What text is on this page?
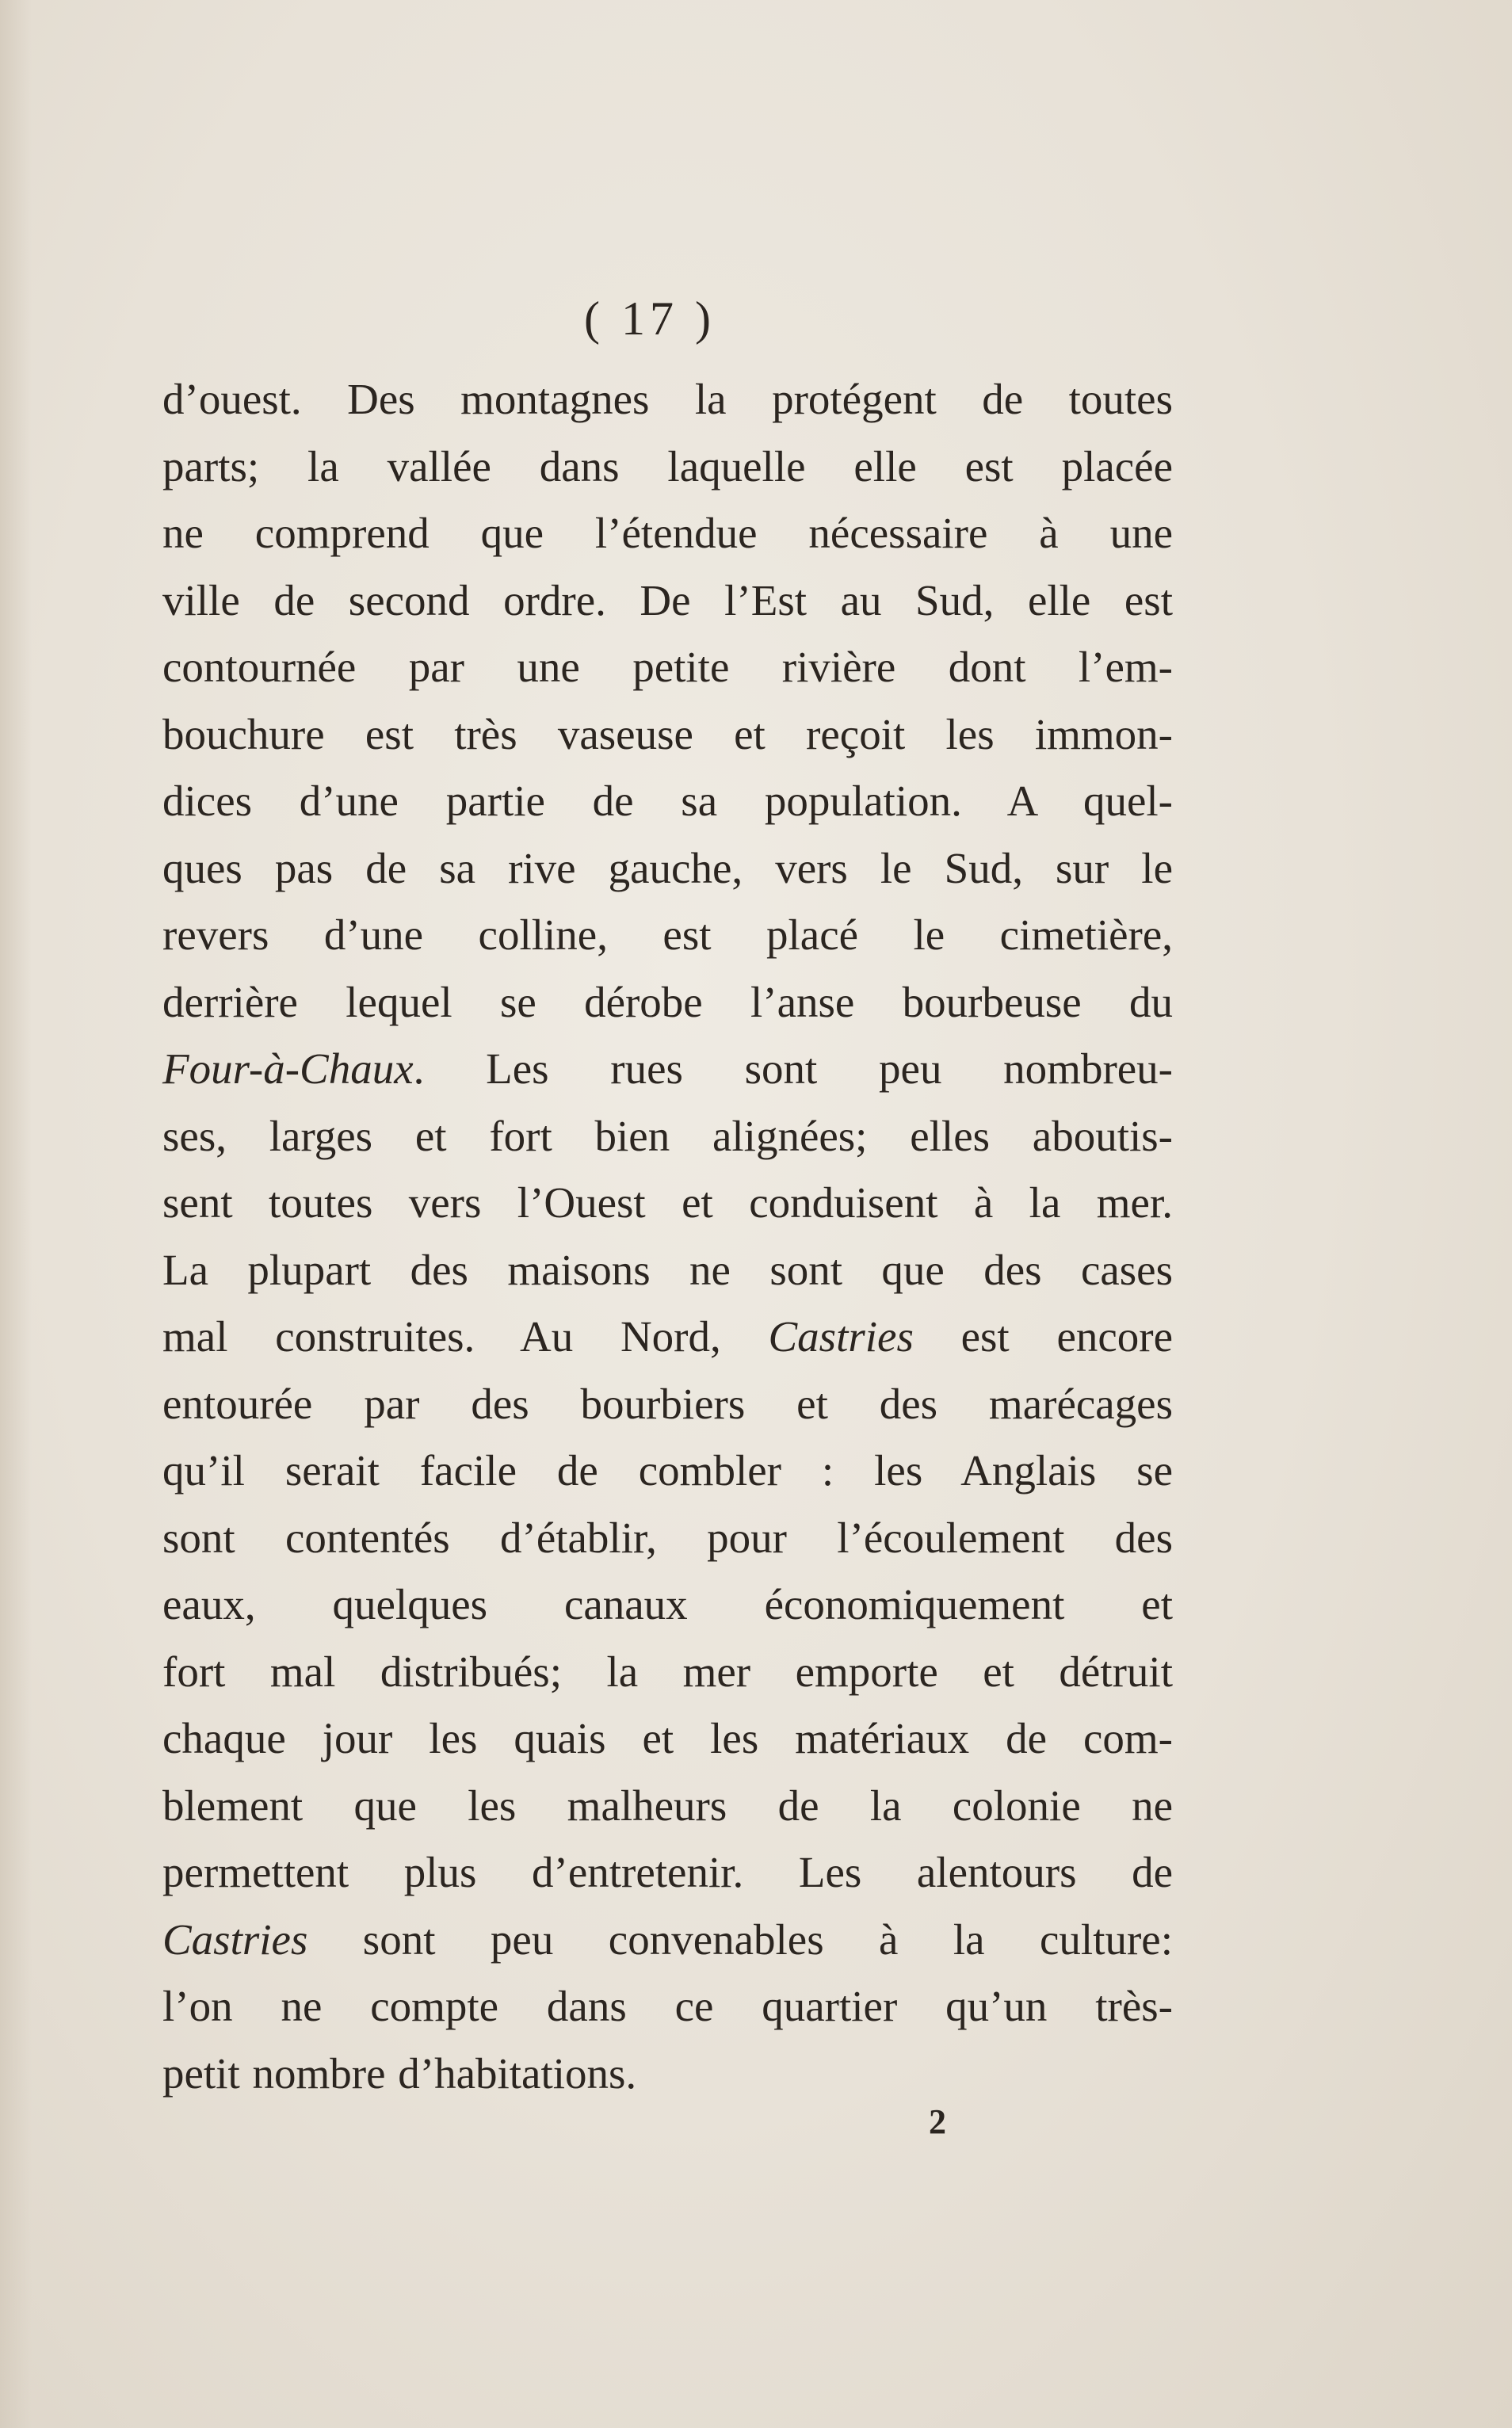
( 17 )
d’ouest. Des montagnes la protégent de toutes
parts; la vallée dans laquelle elle est placée
ne comprend que l’étendue nécessaire à une
ville de second ordre. De l’Est au Sud, elle est
contournée par une petite rivière dont l’em-
bouchure est très vaseuse et reçoit les immon-
dices d’une partie de sa population. A quel-
ques pas de sa rive gauche, vers le Sud, sur le
revers d’une colline, est placé le cimetière,
derrière lequel se dérobe l’anse bourbeuse du
Four-à-Chaux. Les rues sont peu nombreu-
ses, larges et fort bien alignées; elles aboutis-
sent toutes vers l’Ouest et conduisent à la mer.
La plupart des maisons ne sont que des cases
mal construites. Au Nord, Castries est encore
entourée par des bourbiers et des marécages
qu’il serait facile de combler : les Anglais se
sont contentés d’établir, pour l’écoulement des
eaux, quelques canaux économiquement et
fort mal distribués; la mer emporte et détruit
chaque jour les quais et les matériaux de com-
blement que les malheurs de la colonie ne
permettent plus d’entretenir. Les alentours de
Castries sont peu convenables à la culture:
l’on ne compte dans ce quartier qu’un très-
petit nombre d’habitations.
2
